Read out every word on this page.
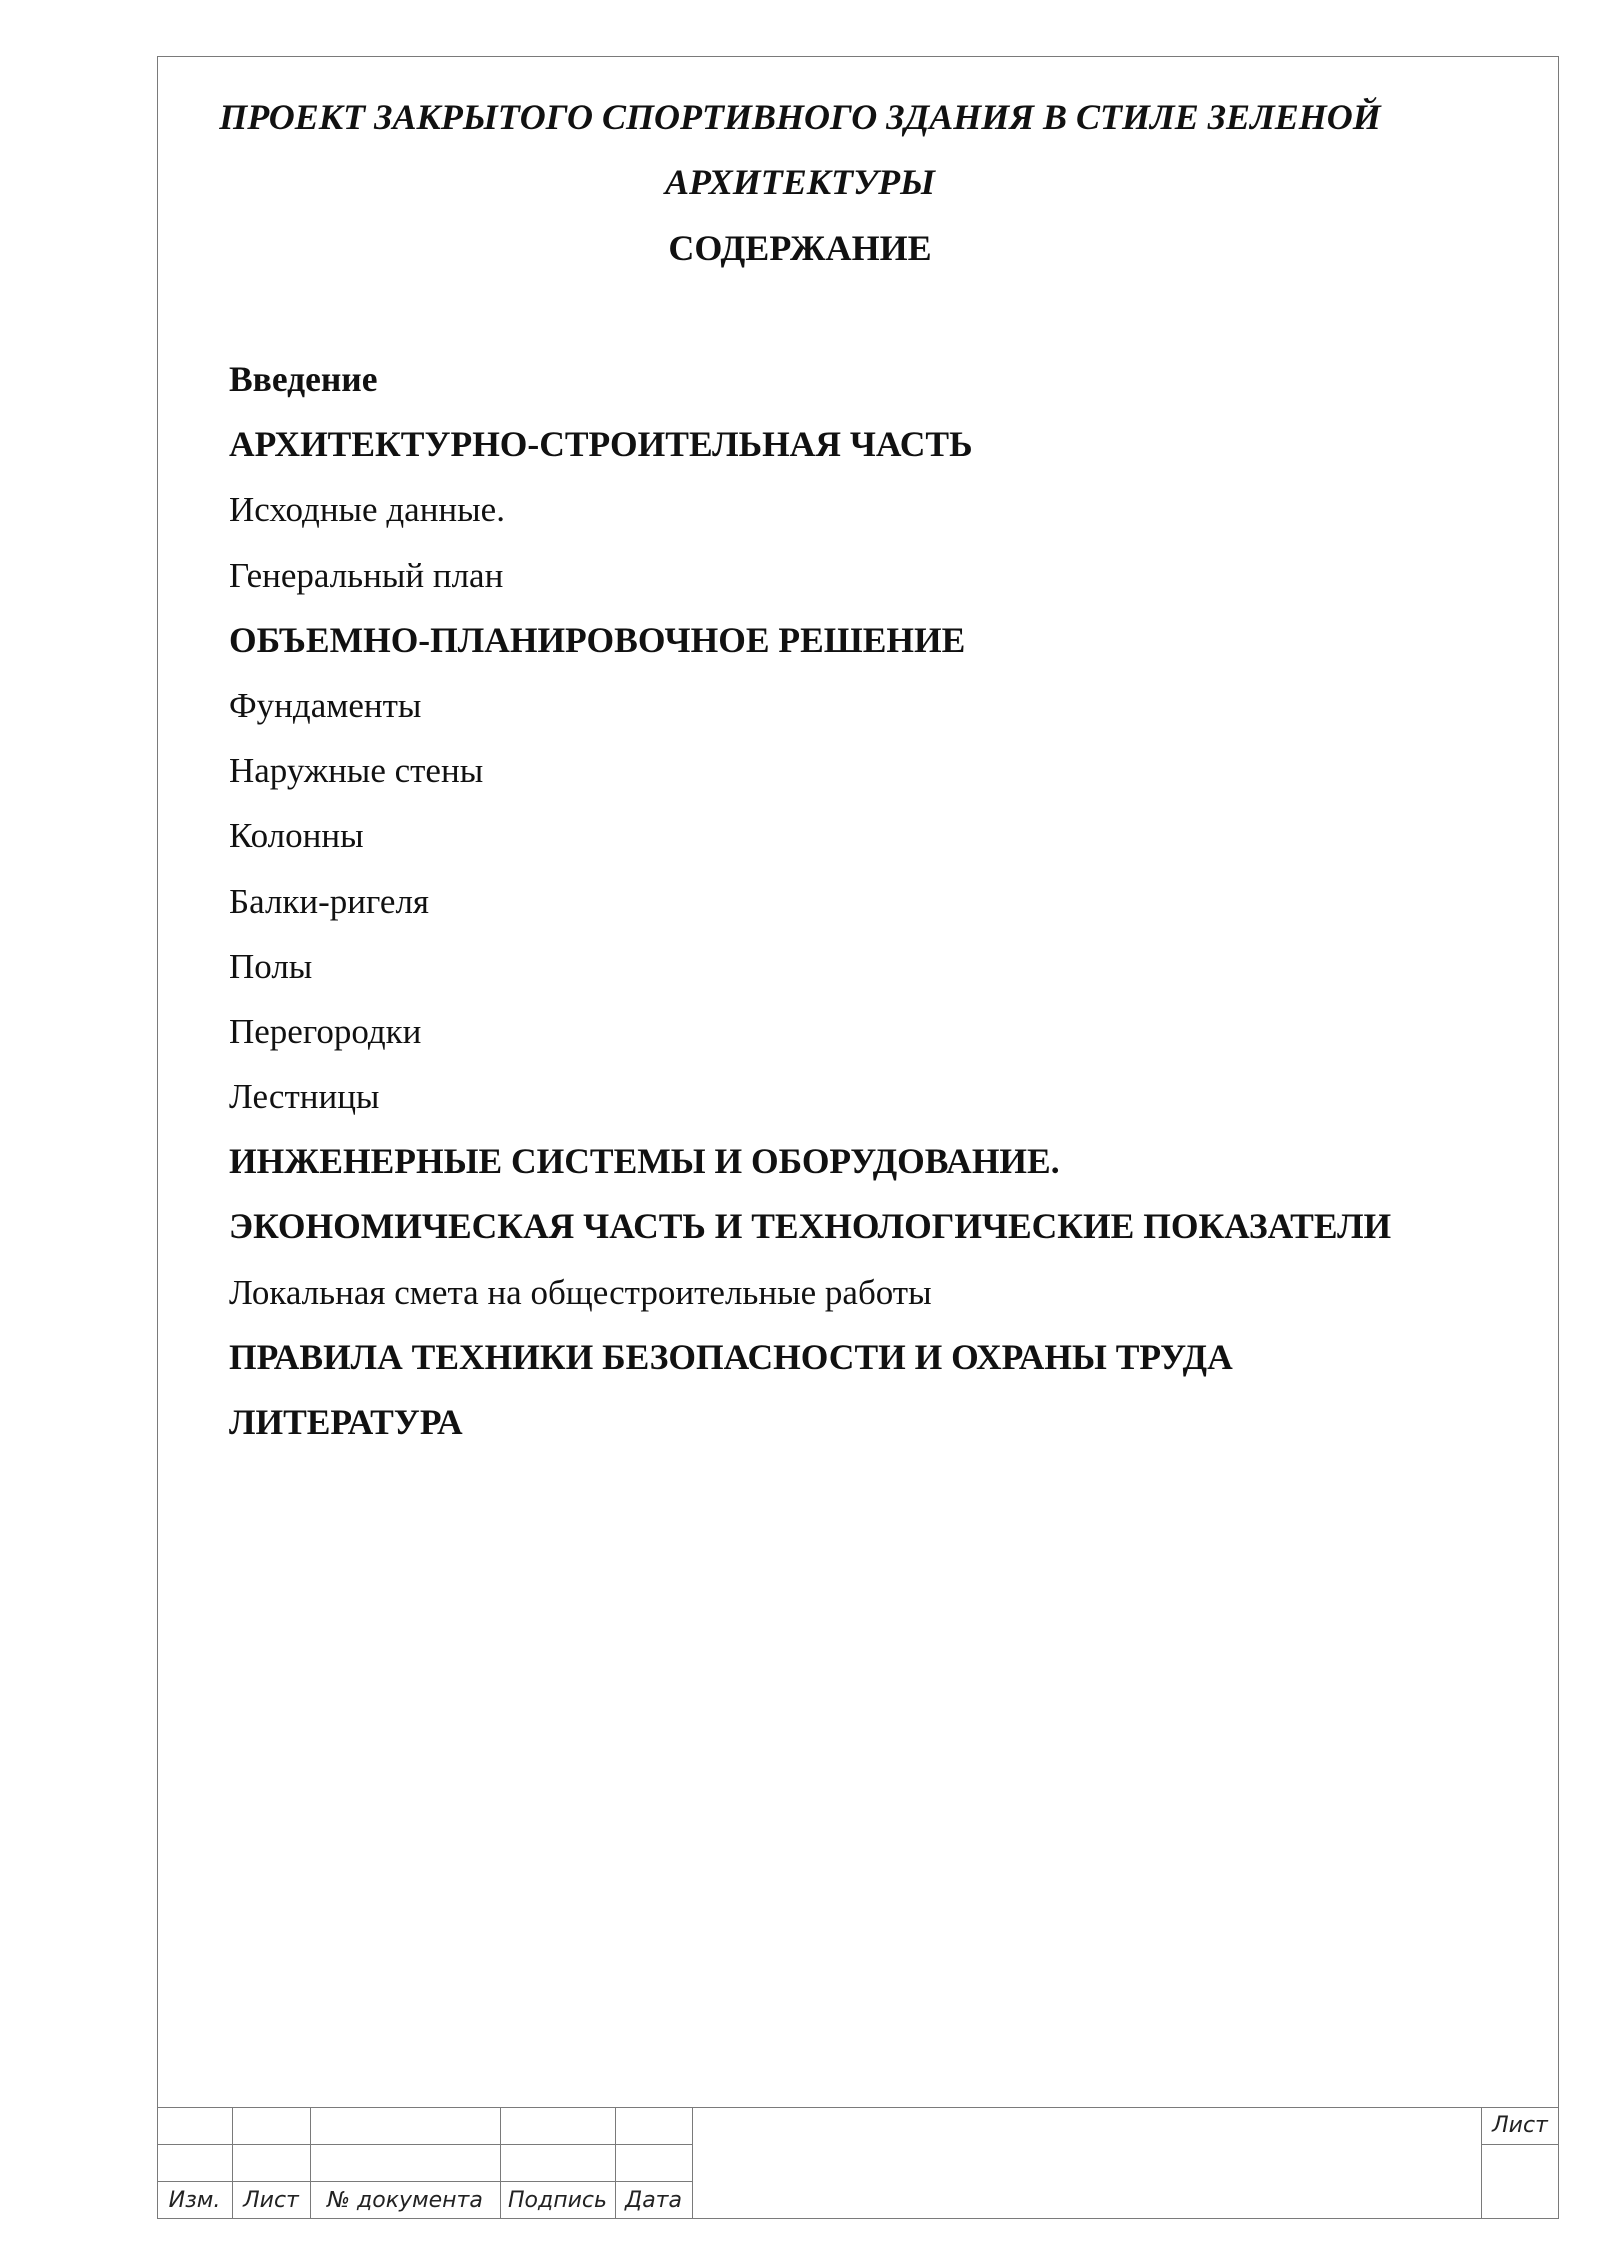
ПРОЕКТ ЗАКРЫТОГО СПОРТИВНОГО ЗДАНИЯ В СТИЛЕ ЗЕЛЕНОЙ

АРХИТЕКТУРЫ

СОДЕРЖАНИЕ

Введение
АРХИТЕКТУРНО-СТРОИТЕЛЬНАЯ ЧАСТЬ
Исходные данные.
Генеральный план
ОБЪЕМНО-ПЛАНИРОВОЧНОЕ РЕШЕНИЕ
Фундаменты
Наружные стены
Колонны
Балки-ригеля
Полы
Перегородки
Лестницы
ИНЖЕНЕРНЫЕ СИСТЕМЫ И ОБОРУДОВАНИЕ.
ЭКОНОМИЧЕСКАЯ ЧАСТЬ И ТЕХНОЛОГИЧЕСКИЕ ПОКАЗАТЕЛИ
Локальная смета на общестроительные работы
ПРАВИЛА ТЕХНИКИ БЕЗОПАСНОСТИ И ОХРАНЫ ТРУДА
ЛИТЕРАТУРА
Изм.	Лист	№ документа	Подпись Дата
Лист
